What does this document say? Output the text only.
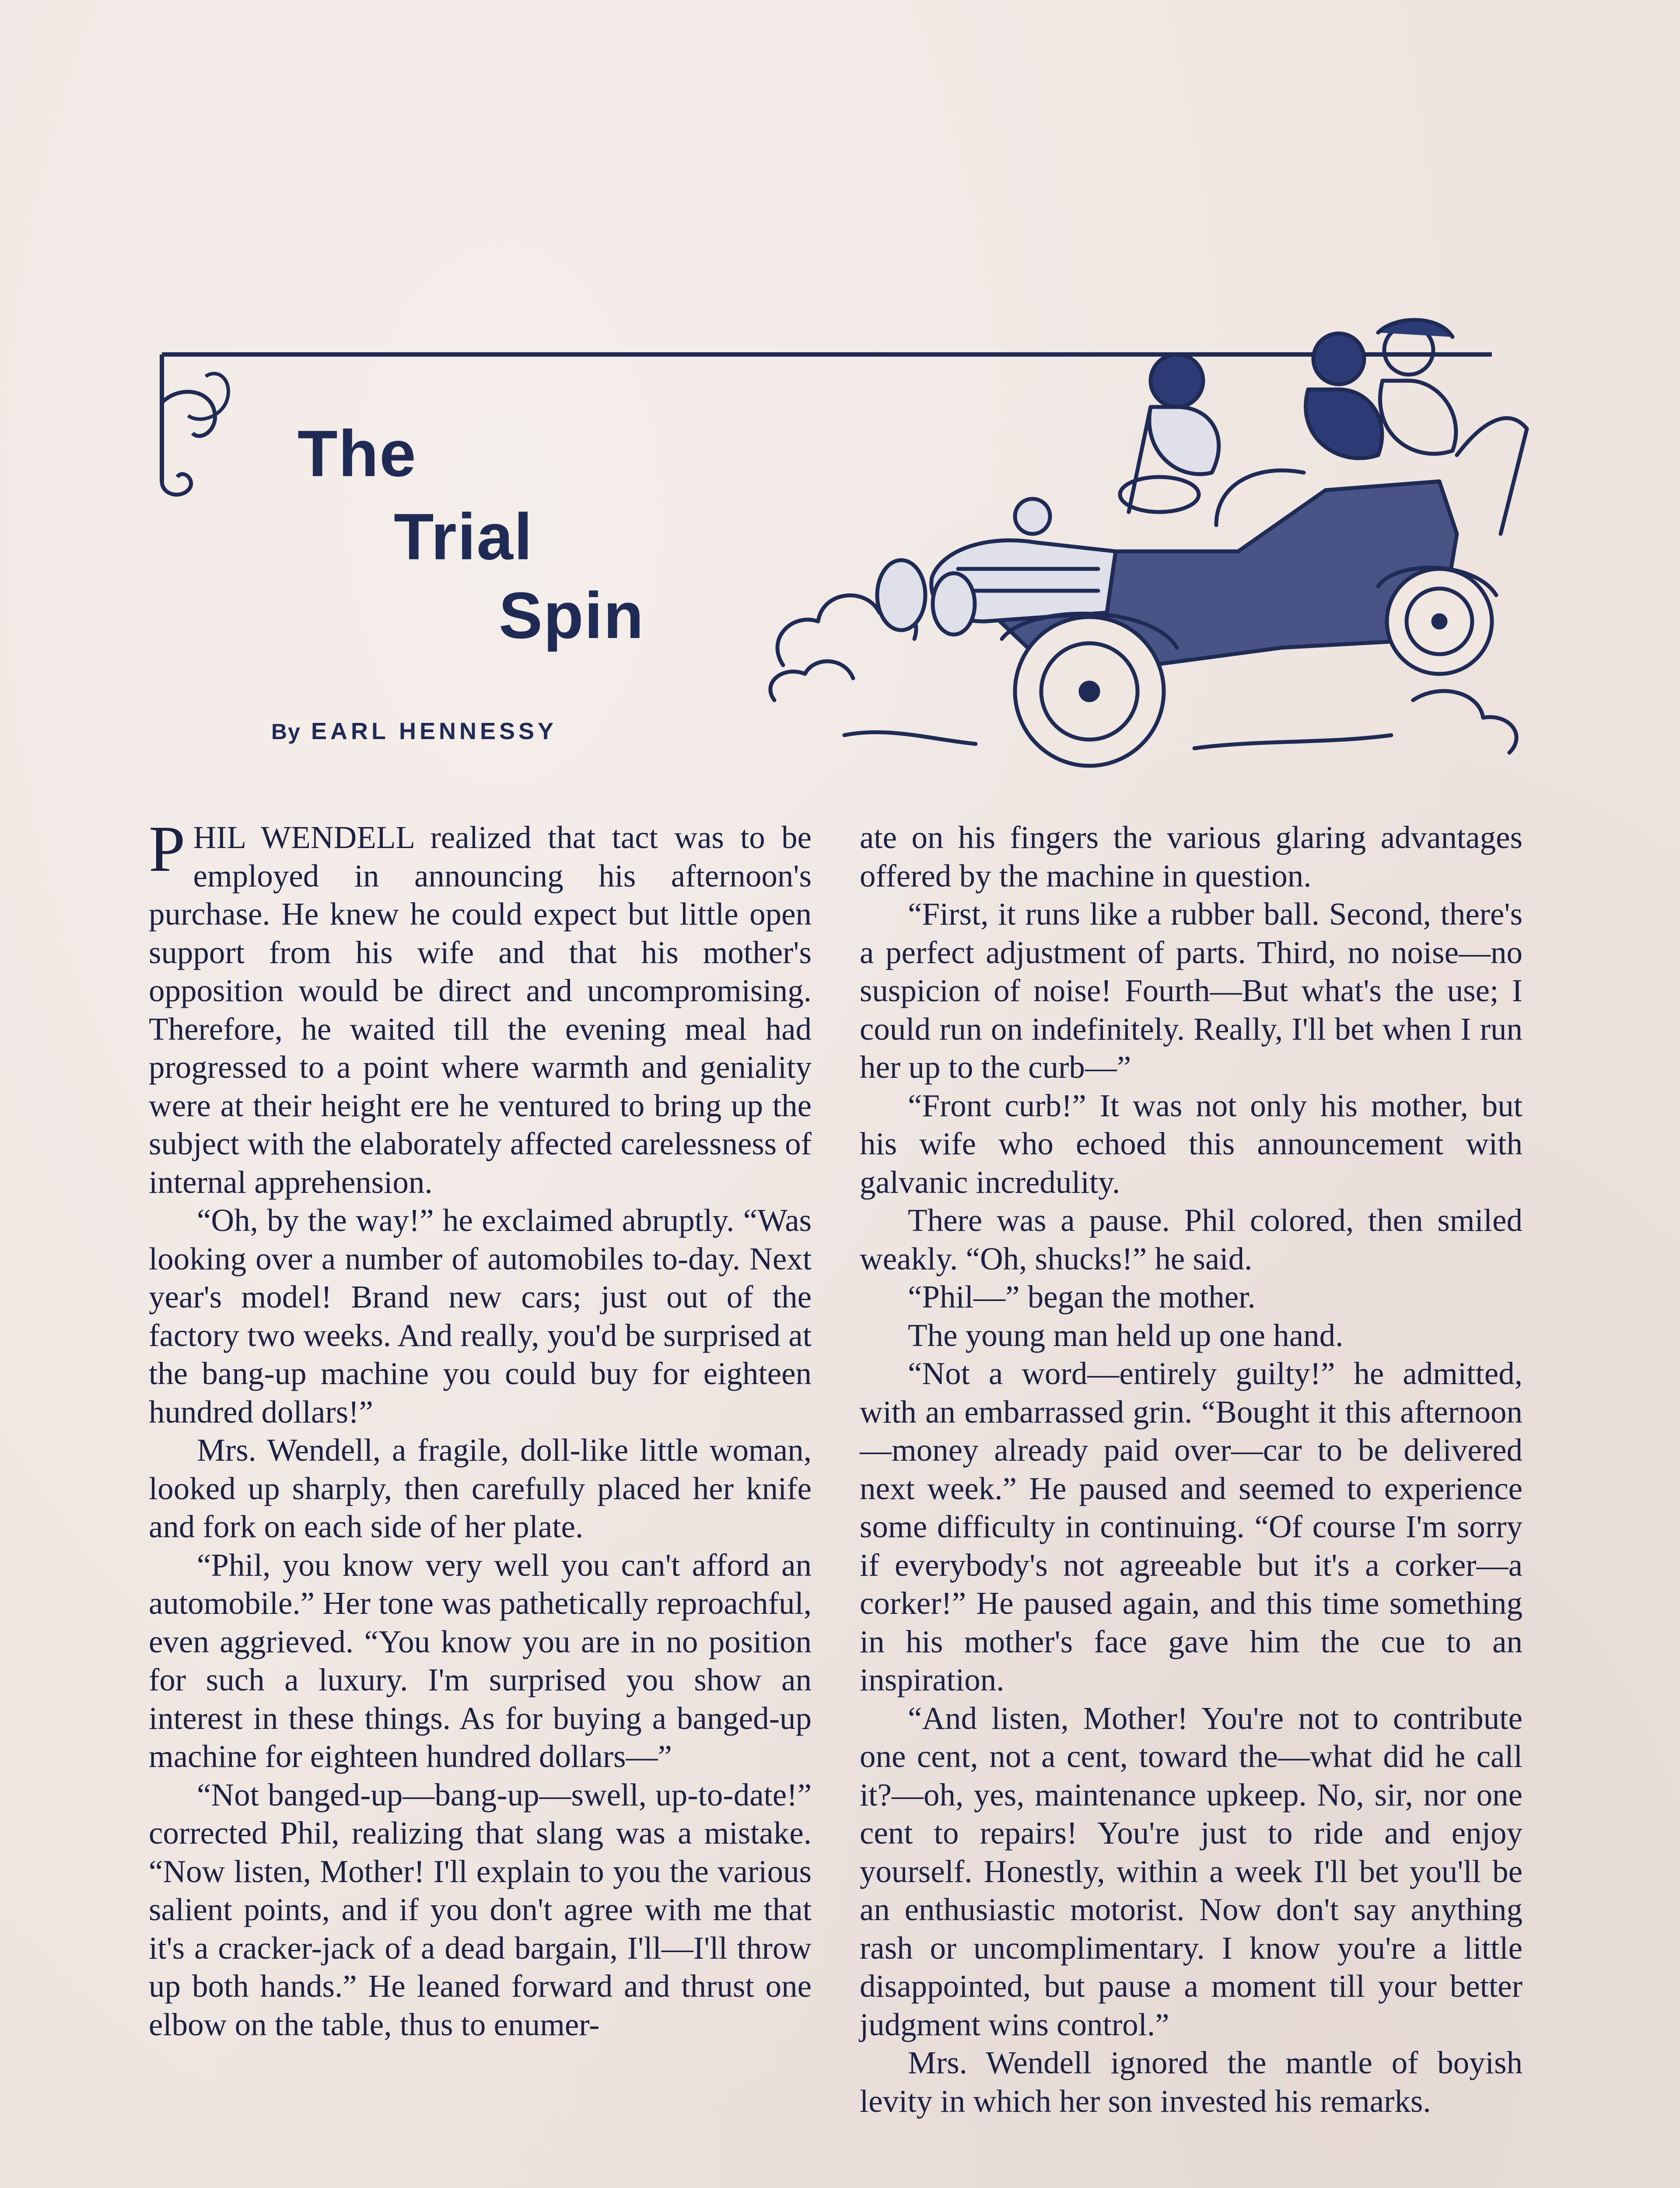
The
Trial
Spin
By EARL HENNESSY

PHIL WENDELL realized that tact was to be employed in announcing his afternoon's purchase. He knew he could expect but little open support from his wife and that his mother's opposition would be direct and uncompromising. Therefore, he waited till the evening meal had progressed to a point where warmth and geniality were at their height ere he ventured to bring up the subject with the elaborately affected carelessness of internal apprehension.

“Oh, by the way!” he exclaimed abruptly. “Was looking over a number of automobiles to-day. Next year's model! Brand new cars; just out of the factory two weeks. And really, you'd be surprised at the bang-up machine you could buy for eighteen hundred dollars!”

Mrs. Wendell, a fragile, doll-like little woman, looked up sharply, then carefully placed her knife and fork on each side of her plate.

“Phil, you know very well you can't afford an automobile.” Her tone was pathetically reproachful, even aggrieved. “You know you are in no position for such a luxury. I'm surprised you show an interest in these things. As for buying a banged-up machine for eighteen hundred dollars—”

“Not banged-up—bang-up—swell, up-to-date!” corrected Phil, realizing that slang was a mistake. “Now listen, Mother! I'll explain to you the various salient points, and if you don't agree with me that it's a cracker-jack of a dead bargain, I'll—I'll throw up both hands.” He leaned forward and thrust one elbow on the table, thus to enumer-

ate on his fingers the various glaring advantages offered by the machine in question.

“First, it runs like a rubber ball. Second, there's a perfect adjustment of parts. Third, no noise—no suspicion of noise! Fourth—But what's the use; I could run on indefinitely. Really, I'll bet when I run her up to the curb—”

“Front curb!” It was not only his mother, but his wife who echoed this announcement with galvanic incredulity.

There was a pause. Phil colored, then smiled weakly. “Oh, shucks!” he said.

“Phil—” began the mother.

The young man held up one hand.

“Not a word—entirely guilty!” he admitted, with an embarrassed grin. “Bought it this afternoon—money already paid over—car to be delivered next week.” He paused and seemed to experience some difficulty in continuing. “Of course I'm sorry if everybody's not agreeable but it's a corker—a corker!” He paused again, and this time something in his mother's face gave him the cue to an inspiration.

“And listen, Mother! You're not to contribute one cent, not a cent, toward the—what did he call it?—oh, yes, maintenance upkeep. No, sir, nor one cent to repairs! You're just to ride and enjoy yourself. Honestly, within a week I'll bet you'll be an enthusiastic motorist. Now don't say anything rash or uncomplimentary. I know you're a little disappointed, but pause a moment till your better judgment wins control.”

Mrs. Wendell ignored the mantle of boyish levity in which her son invested his remarks.
